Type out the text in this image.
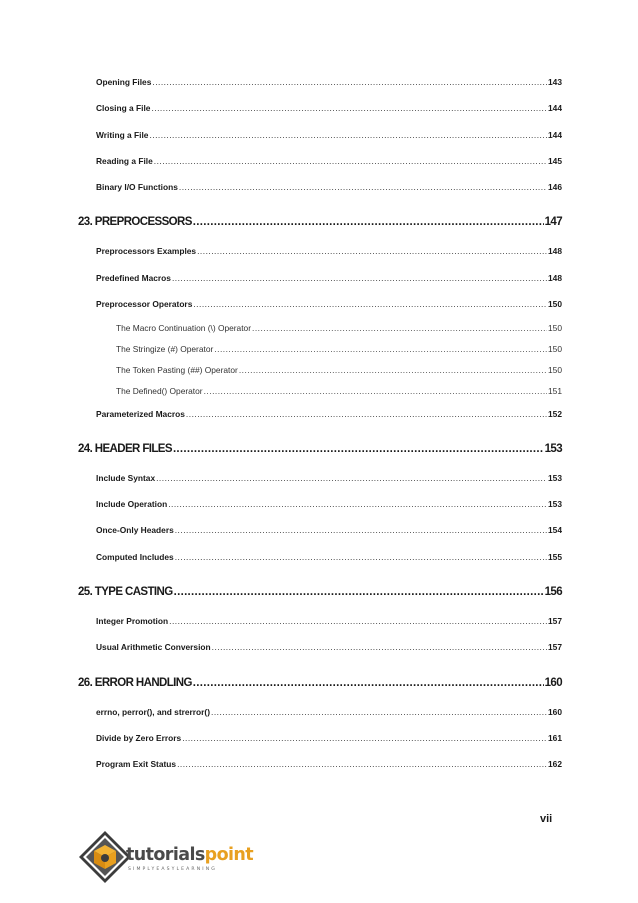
Opening Files .....	143
Closing a File .....	144
Writing a File .....	144
Reading a File .....	145
Binary I/O Functions .....	146
23. PREPROCESSORS .....	147
Preprocessors Examples .....	148
Predefined Macros .....	148
Preprocessor Operators .....	150
The Macro Continuation (\) Operator .....	150
The Stringize (#) Operator .....	150
The Token Pasting (##) Operator .....	150
The Defined() Operator .....	151
Parameterized Macros .....	152
24. HEADER FILES .....	153
Include Syntax .....	153
Include Operation .....	153
Once-Only Headers .....	154
Computed Includes .....	155
25. TYPE CASTING .....	156
Integer Promotion .....	157
Usual Arithmetic Conversion .....	157
26. ERROR HANDLING .....	160
errno, perror(), and strerror() .....	160
Divide by Zero Errors .....	161
Program Exit Status .....	162
vii
tutorialspoint
SIMPLYEASYLEARNING
